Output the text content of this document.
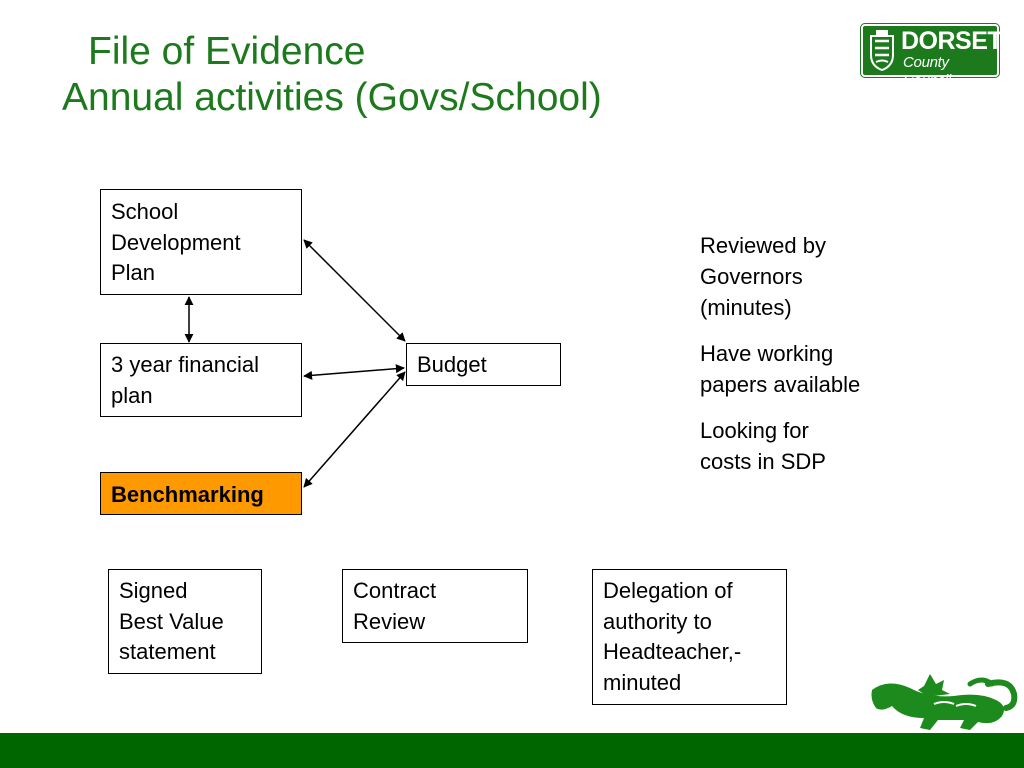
File of Evidence
Annual activities (Govs/School)
DORSET
County Council
School
Development
Plan
3 year financial
plan
Benchmarking
Budget
Signed
Best Value
statement
Contract
Review
Delegation of
authority to
Headteacher,-
minuted
Reviewed by
Governors
(minutes)
Have working
papers available
Looking for
costs in SDP
